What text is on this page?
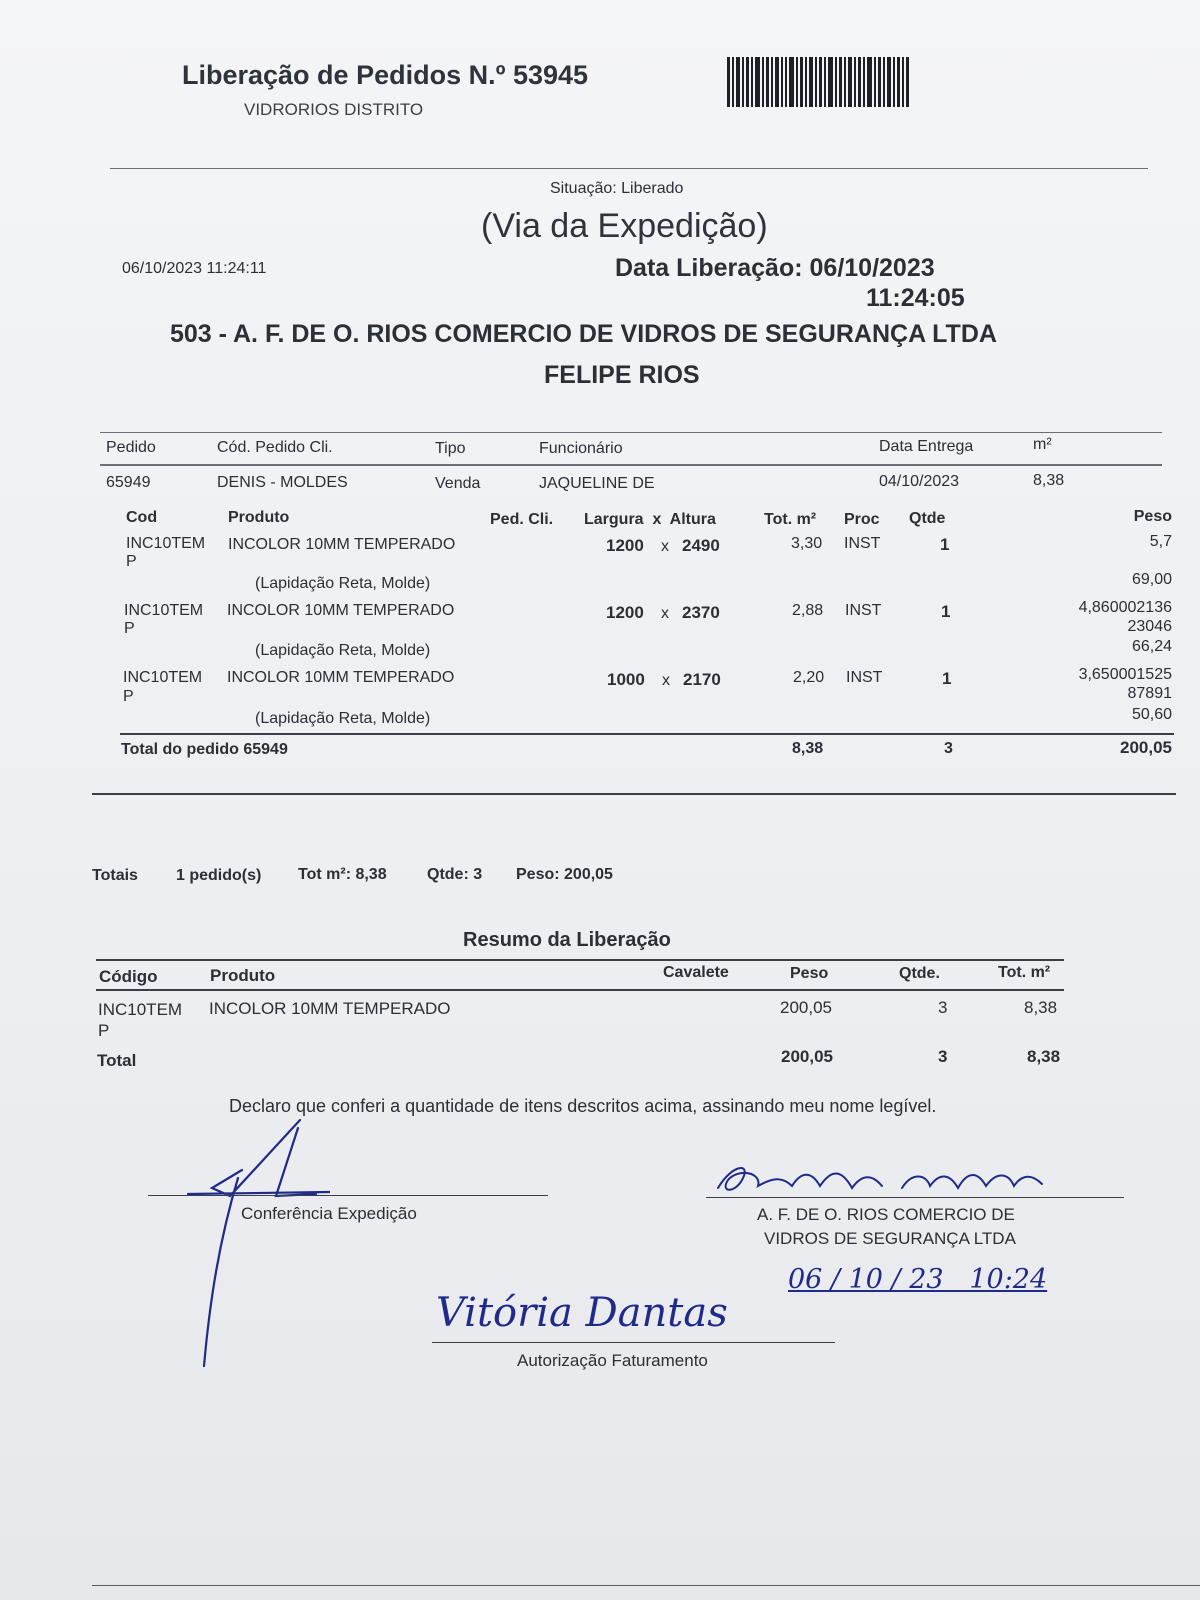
Liberação de Pedidos N.º 53945
VIDRORIOS DISTRITO
Situação: Liberado
(Via da Expedição)
06/10/2023 11:24:11	Data Liberação: 06/10/2023
11:24:05
503 - A. F. DE O. RIOS COMERCIO DE VIDROS DE SEGURANÇA LTDA
FELIPE RIOS
Pedido	Cód. Pedido Cli.	Tipo	Funcionário	Data Entrega	m²
65949	DENIS - MOLDES	Venda	JAQUELINE DE	04/10/2023	8,38
Cod	Produto	Ped. Cli. Largura  x  Altura	Tot. m² Proc Qtde	Peso
INC10TEM
P
INCOLOR 10MM TEMPERADO	1200 x 2490	3,30 INST	1	5,7
(Lapidação Reta, Molde)	69,00
INC10TEM
P
INCOLOR 10MM TEMPERADO	1200 x 2370	2,88 INST	1	4,860002136
23046
(Lapidação Reta, Molde)	66,24
INC10TEM
P
INCOLOR 10MM TEMPERADO	1000 x 2170	2,20 INST	1	3,650001525
87891
(Lapidação Reta, Molde)	50,60
Total do pedido 65949	8,38	3	200,05
Totais 1 pedido(s) Tot m²: 8,38	Qtde: 3 Peso: 200,05
Resumo da Liberação
Código	Produto	Cavalete	Peso	Qtde.	Tot. m²
INC10TEM
P
INCOLOR 10MM TEMPERADO	200,05	3	8,38
Total	200,05	3	8,38
Declaro que conferi a quantidade de itens descritos acima, assinando meu nome legível.
Conferência Expedição	A. F. DE O. RIOS COMERCIO DE
VIDROS DE SEGURANÇA LTDA
06 / 10 / 23   10:24
Vitória Dantas
Autorização Faturamento
